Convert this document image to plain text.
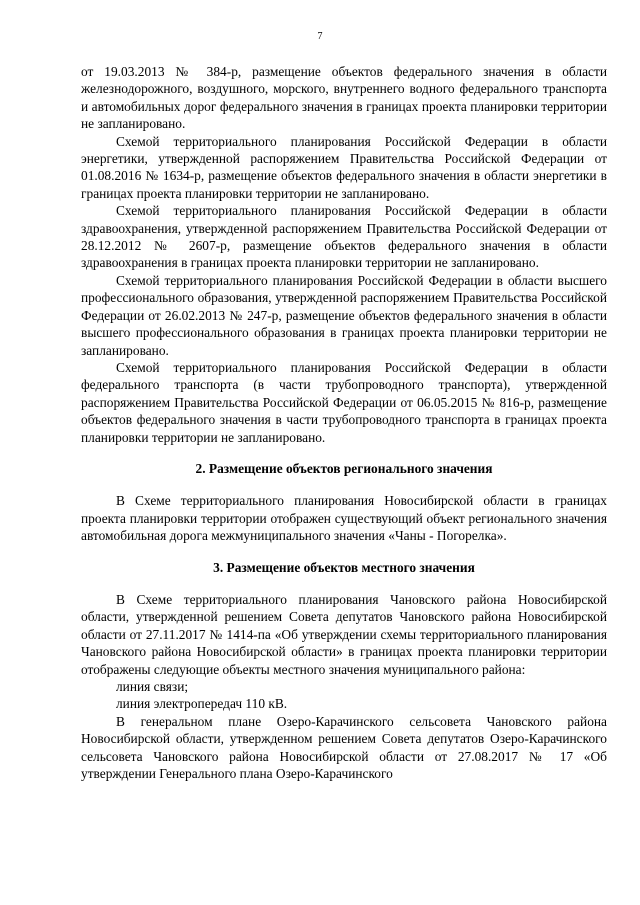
7

от 19.03.2013 № 384-р, размещение объектов федерального значения в области железнодорожного, воздушного, морского, внутреннего водного федерального транспорта и автомобильных дорог федерального значения в границах проекта планировки территории не запланировано.

Схемой территориального планирования Российской Федерации в области энергетики, утвержденной распоряжением Правительства Российской Федерации от 01.08.2016 № 1634-р, размещение объектов федерального значения в области энергетики в границах проекта планировки территории не запланировано.

Схемой территориального планирования Российской Федерации в области здравоохранения, утвержденной распоряжением Правительства Российской Федерации от 28.12.2012 № 2607-р, размещение объектов федерального значения в области здравоохранения в границах проекта планировки территории не запланировано.

Схемой территориального планирования Российской Федерации в области высшего профессионального образования, утвержденной распоряжением Правительства Российской Федерации от 26.02.2013 № 247-р, размещение объектов федерального значения в области высшего профессионального образования в границах проекта планировки территории не запланировано.

Схемой территориального планирования Российской Федерации в области федерального транспорта (в части трубопроводного транспорта), утвержденной распоряжением Правительства Российской Федерации от 06.05.2015 № 816-р, размещение объектов федерального значения в части трубопроводного транспорта в границах проекта планировки территории не запланировано.

2. Размещение объектов регионального значения

В Схеме территориального планирования Новосибирской области в границах проекта планировки территории отображен существующий объект регионального значения автомобильная дорога межмуниципального значения «Чаны - Погорелка».

3. Размещение объектов местного значения

В Схеме территориального планирования Чановского района Новосибирской области, утвержденной решением Совета депутатов Чановского района Новосибирской области от 27.11.2017 № 1414-па «Об утверждении схемы территориального планирования Чановского района Новосибирской области» в границах проекта планировки территории отображены следующие объекты местного значения муниципального района:

линия связи;

линия электропередач 110 кВ.

В генеральном плане Озеро-Карачинского сельсовета Чановского района Новосибирской области, утвержденном решением Совета депутатов Озеро-Карачинского сельсовета Чановского района Новосибирской области от 27.08.2017 № 17 «Об утверждении Генерального плана Озеро-Карачинского
